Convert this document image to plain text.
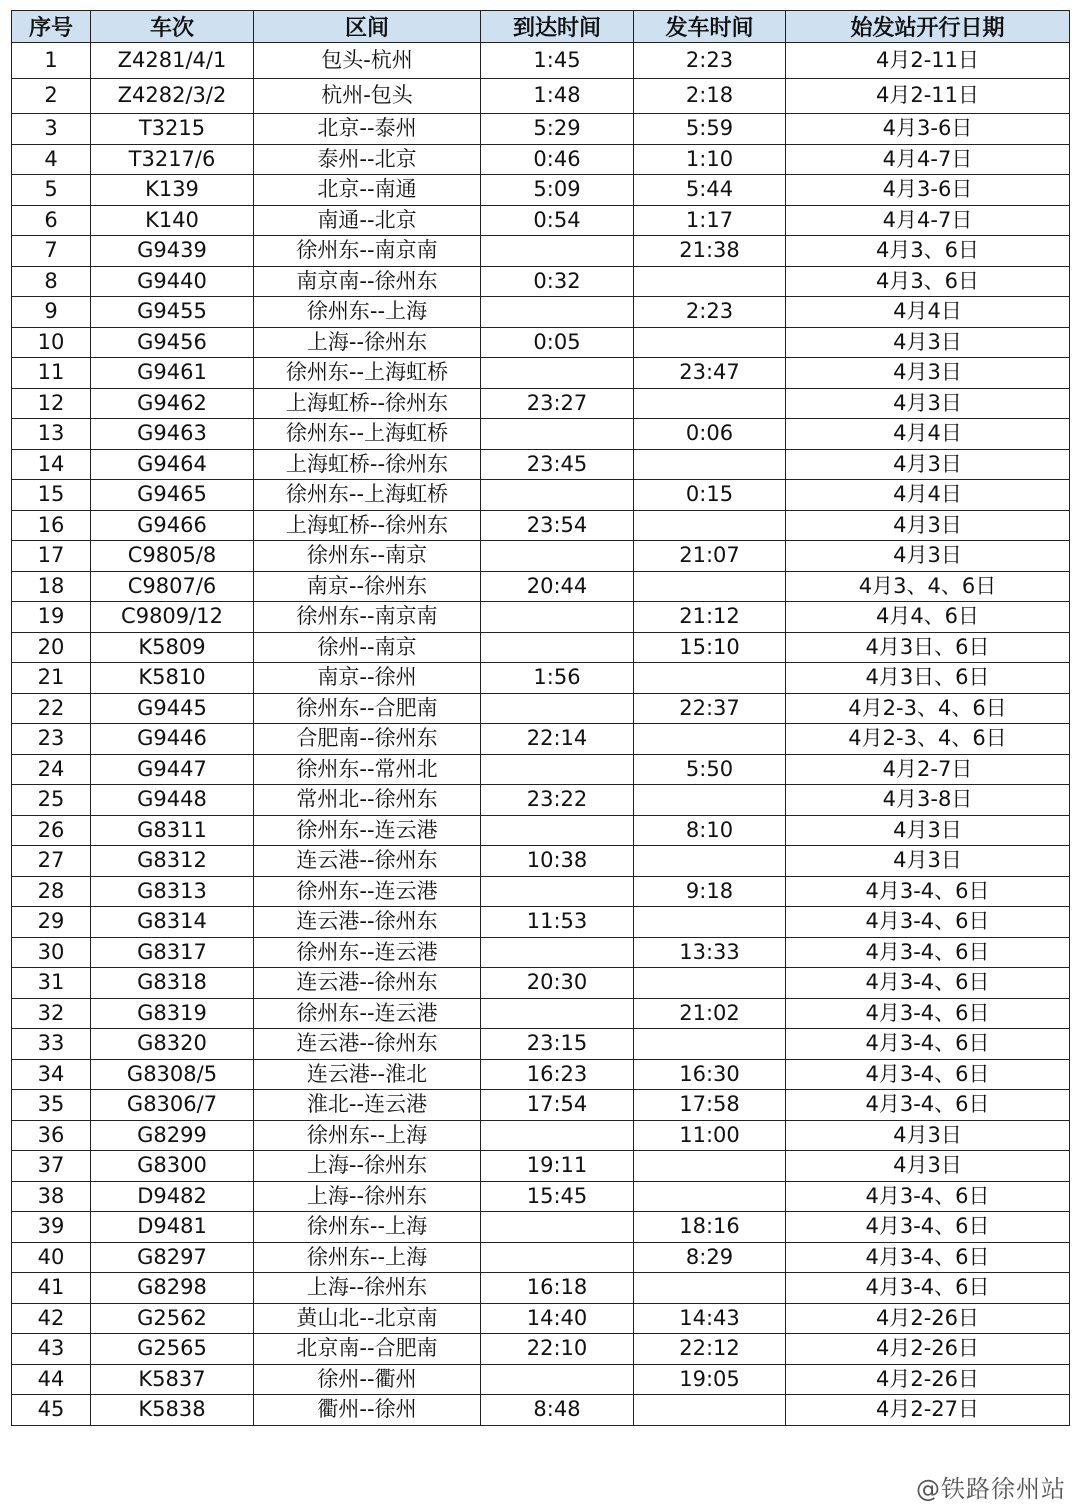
序号	车次	区间	到达时间	发车时间	始发站开行日期
1	Z4281/4/1	包头-杭州	1:45	2:23	4月2-11日
2	Z4282/3/2	杭州-包头	1:48	2:18	4月2-11日
3	T3215	北京--泰州	5:29	5:59	4月3-6日
4	T3217/6	泰州--北京	0:46	1:10	4月4-7日
5	K139	北京--南通	5:09	5:44	4月3-6日
6	K140	南通--北京	0:54	1:17	4月4-7日
7	G9439	徐州东--南京南		21:38	4月3、6日
8	G9440	南京南--徐州东	0:32		4月3、6日
9	G9455	徐州东--上海		2:23	4月4日
10	G9456	上海--徐州东	0:05		4月3日
11	G9461	徐州东--上海虹桥		23:47	4月3日
12	G9462	上海虹桥--徐州东	23:27		4月3日
13	G9463	徐州东--上海虹桥		0:06	4月4日
14	G9464	上海虹桥--徐州东	23:45		4月3日
15	G9465	徐州东--上海虹桥		0:15	4月4日
16	G9466	上海虹桥--徐州东	23:54		4月3日
17	C9805/8	徐州东--南京		21:07	4月3日
18	C9807/6	南京--徐州东	20:44		4月3、4、6日
19	C9809/12	徐州东--南京南		21:12	4月4、6日
20	K5809	徐州--南京		15:10	4月3日、6日
21	K5810	南京--徐州	1:56		4月3日、6日
22	G9445	徐州东--合肥南		22:37	4月2-3、4、6日
23	G9446	合肥南--徐州东	22:14		4月2-3、4、6日
24	G9447	徐州东--常州北		5:50	4月2-7日
25	G9448	常州北--徐州东	23:22		4月3-8日
26	G8311	徐州东--连云港		8:10	4月3日
27	G8312	连云港--徐州东	10:38		4月3日
28	G8313	徐州东--连云港		9:18	4月3-4、6日
29	G8314	连云港--徐州东	11:53		4月3-4、6日
30	G8317	徐州东--连云港		13:33	4月3-4、6日
31	G8318	连云港--徐州东	20:30		4月3-4、6日
32	G8319	徐州东--连云港		21:02	4月3-4、6日
33	G8320	连云港--徐州东	23:15		4月3-4、6日
34	G8308/5	连云港--淮北	16:23	16:30	4月3-4、6日
35	G8306/7	淮北--连云港	17:54	17:58	4月3-4、6日
36	G8299	徐州东--上海		11:00	4月3日
37	G8300	上海--徐州东	19:11		4月3日
38	D9482	上海--徐州东	15:45		4月3-4、6日
39	D9481	徐州东--上海		18:16	4月3-4、6日
40	G8297	徐州东--上海		8:29	4月3-4、6日
41	G8298	上海--徐州东	16:18		4月3-4、6日
42	G2562	黄山北--北京南	14:40	14:43	4月2-26日
43	G2565	北京南--合肥南	22:10	22:12	4月2-26日
44	K5837	徐州--衢州		19:05	4月2-26日
45	K5838	衢州--徐州	8:48		4月2-27日
@铁路徐州站
